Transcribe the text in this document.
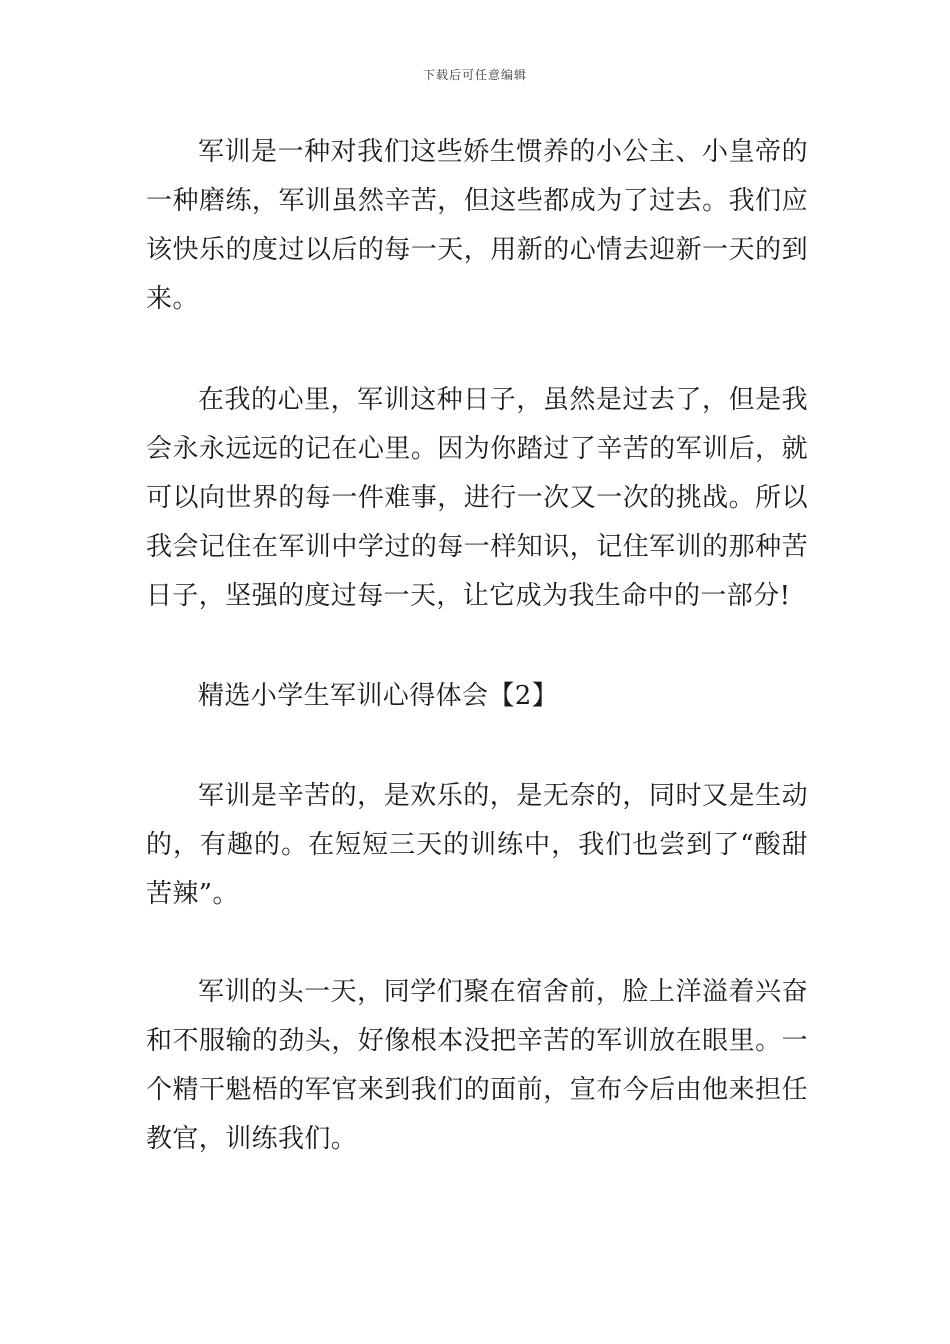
下载后可任意编辑

军训是一种对我们这些娇生惯养的小公主、小皇帝的一种磨练，军训虽然辛苦，但这些都成为了过去。我们应该快乐的度过以后的每一天，用新的心情去迎新一天的到来。

在我的心里，军训这种日子，虽然是过去了，但是我会永永远远的记在心里。因为你踏过了辛苦的军训后，就可以向世界的每一件难事，进行一次又一次的挑战。所以我会记住在军训中学过的每一样知识，记住军训的那种苦日子，坚强的度过每一天，让它成为我生命中的一部分!

精选小学生军训心得体会【2】

军训是辛苦的，是欢乐的，是无奈的，同时又是生动的，有趣的。在短短三天的训练中，我们也尝到了“酸甜苦辣”。

军训的头一天，同学们聚在宿舍前，脸上洋溢着兴奋和不服输的劲头，好像根本没把辛苦的军训放在眼里。一个精干魁梧的军官来到我们的面前，宣布今后由他来担任教官，训练我们。
